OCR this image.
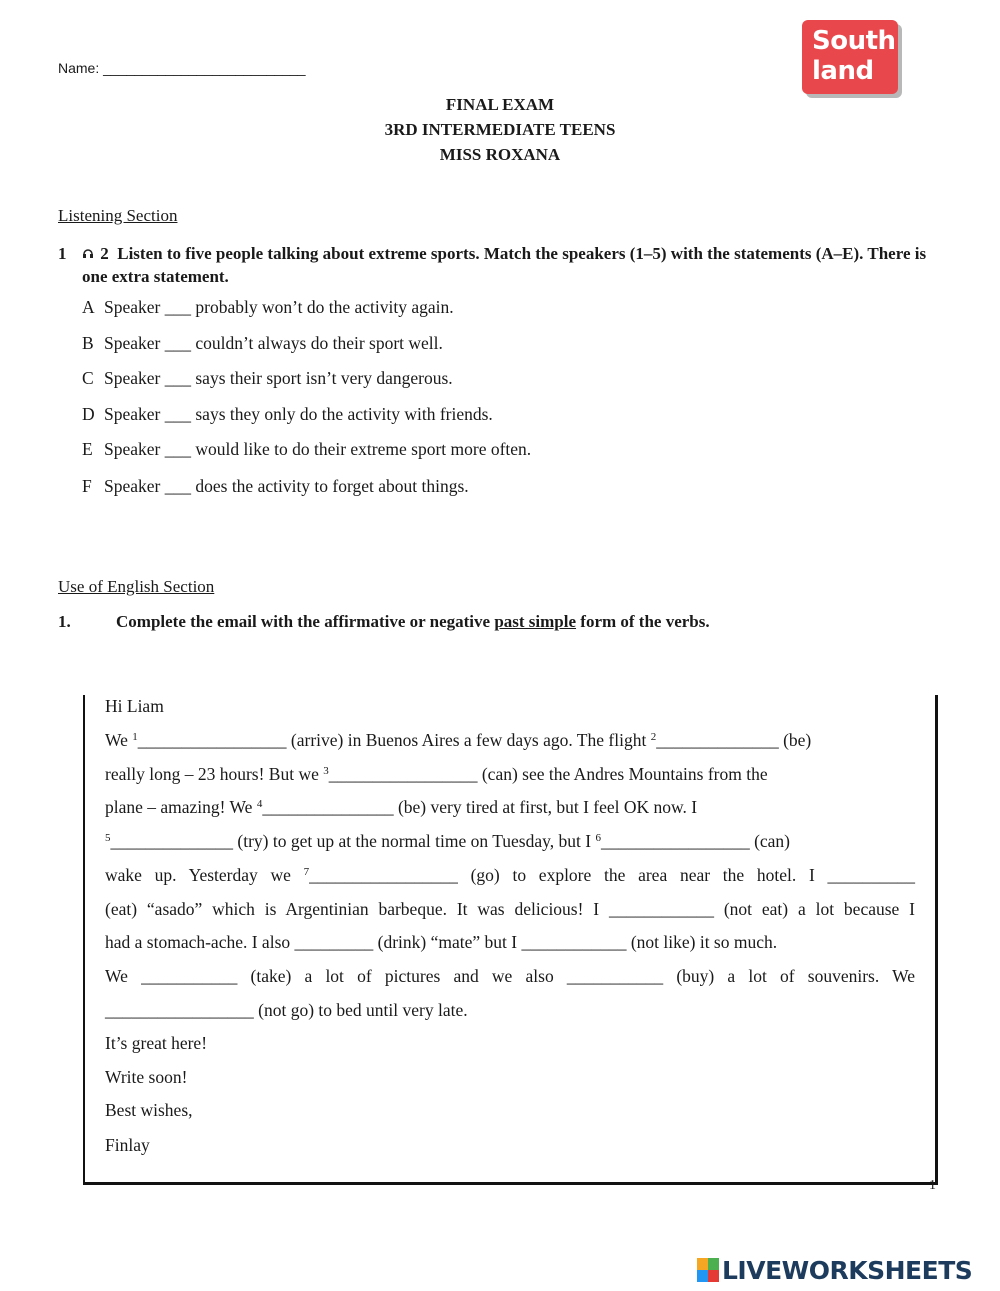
Name: __________________________
South
land
FINAL EXAM
3RD INTERMEDIATE TEENS
MISS ROXANA
Listening Section
1	2 Listen to five people talking about extreme sports. Match the speakers (1–5) with the statements (A–E). There is one extra statement.
A Speaker ___ probably won’t do the activity again.
B Speaker ___ couldn’t always do their sport well.
C Speaker ___ says their sport isn’t very dangerous.
D Speaker ___ says they only do the activity with friends.
E Speaker ___ would like to do their extreme sport more often.
F Speaker ___ does the activity to forget about things.
Use of English Section
1.	Complete the email with the affirmative or negative past simple form of the verbs.
Hi Liam
We $^1$_________________ (arrive) in Buenos Aires a few days ago. The flight $^2$______________ (be)
really long – 23 hours! But we $^3$_________________ (can) see the Andres Mountains from the
plane – amazing! We $^4$_______________ (be) very tired at first, but I feel OK now. I
$^5$______________ (try) to get up at the normal time on Tuesday, but I $^6$_________________ (can)
wake up. Yesterday we $^7$_________________ (go) to explore the area near the hotel. I __________
(eat) “asado” which is Argentinian barbeque. It was delicious! I ____________ (not eat) a lot because I
had a stomach-ache. I also _________ (drink) “mate” but I ____________ (not like) it so much.
We ___________ (take) a lot of pictures and we also ___________ (buy) a lot of souvenirs. We
_________________ (not go) to bed until very late.
It’s great here!
Write soon!
Best wishes,
Finlay
1
LIVEWORKSHEETS
